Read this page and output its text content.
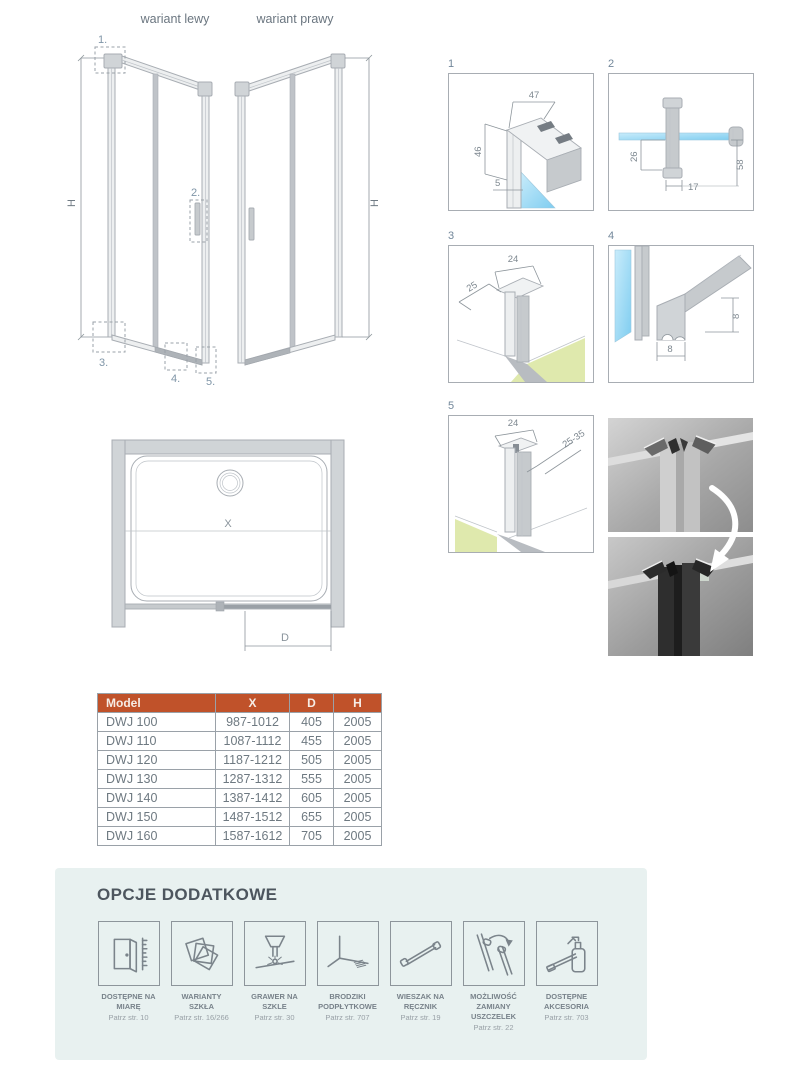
wariant lewy	wariant prawy
H
1.
2.
3.
4. 5.
H
1
47
46
5
2
26
17
58
3
24
25
4
8
8
5
24
25-35
X
D
Model	X	D	H
DWJ 100	987-1012	405	2005
DWJ 110	1087-1112	455	2005
DWJ 120	1187-1212	505	2005
DWJ 130	1287-1312	555	2005
DWJ 140	1387-1412	605	2005
DWJ 150	1487-1512	655	2005
DWJ 160	1587-1612	705	2005
OPCJE DODATKOWE
DOSTĘPNE NA MIARĘ
Patrz str. 10
WARIANTY SZKŁA
Patrz str. 16/266
GRAWER NA SZKLE
Patrz str. 30
BRODZIKI PODPŁYTKOWE
Patrz str. 707
WIESZAK NA RĘCZNIK
Patrz str. 19
MOŻLIWOŚĆ ZAMIANY USZCZELEK
Patrz str. 22
DOSTĘPNE AKCESORIA
Patrz str. 703
